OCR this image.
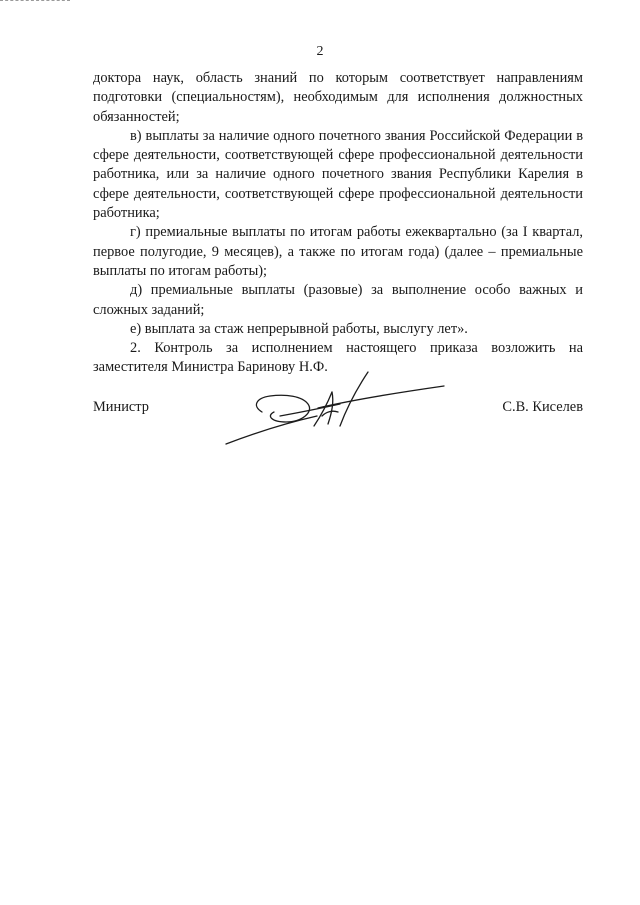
2

доктора наук, область знаний по которым соответствует направлениям подготовки (специальностям), необходимым для исполнения должностных обязанностей;

в) выплаты за наличие одного почетного звания Российской Федерации в сфере деятельности, соответствующей сфере профессиональной деятельности работника, или за наличие одного почетного звания Республики Карелия в сфере деятельности, соответствующей сфере профессиональной деятельности работника;

г) премиальные выплаты по итогам работы ежеквартально (за I квартал, первое полугодие, 9 месяцев), а также по итогам года) (далее – премиальные выплаты по итогам работы);

д) премиальные выплаты (разовые) за выполнение особо важных и сложных заданий;

е) выплата за стаж непрерывной работы, выслугу лет».

2. Контроль за исполнением настоящего приказа возложить на заместителя Министра Баринову Н.Ф.

Министр	С.В. Киселев
